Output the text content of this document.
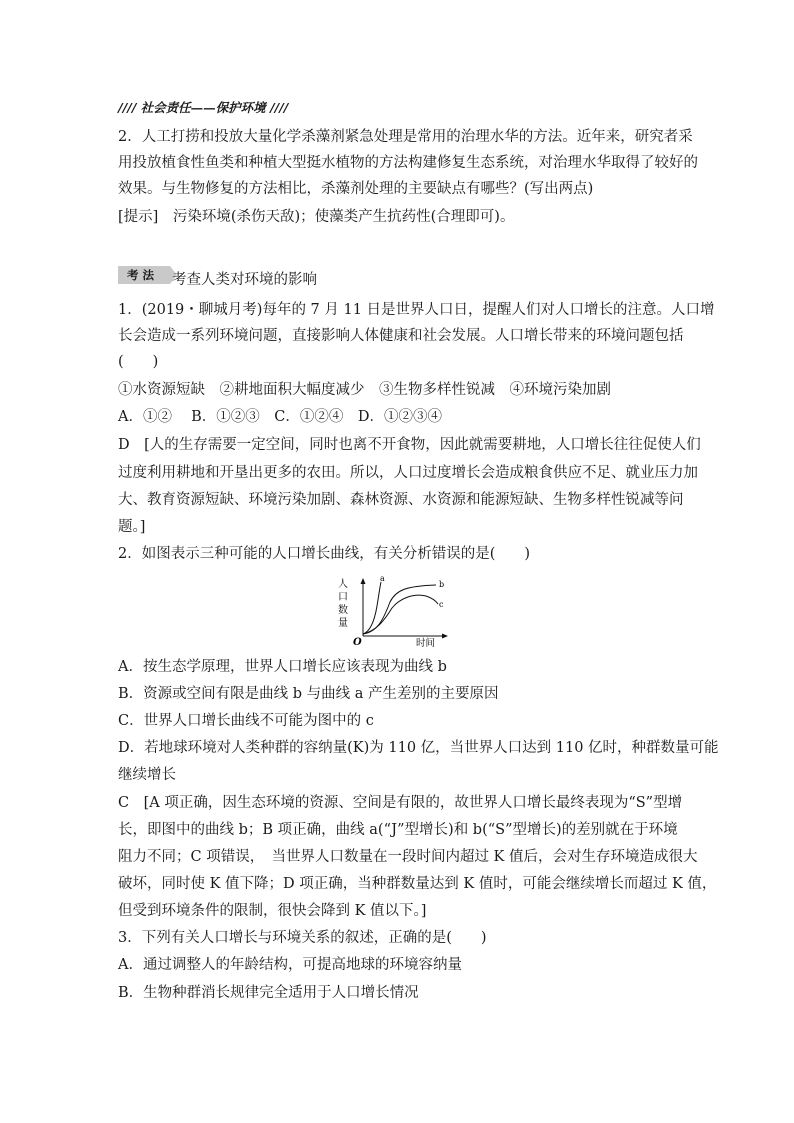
//// 社会责任——保护环境 ////
2．人工打捞和投放大量化学杀藻剂紧急处理是常用的治理水华的方法。近年来，研究者采
用投放植食性鱼类和种植大型挺水植物的方法构建修复生态系统，对治理水华取得了较好的
效果。与生物修复的方法相比，杀藻剂处理的主要缺点有哪些？(写出两点)
[提示]　污染环境(杀伤天敌)；使藻类产生抗药性(合理即可)。
考 法	考查人类对环境的影响
1．(2019・聊城月考)每年的 7 月 11 日是世界人口日，提醒人们对人口增长的注意。人口增
长会造成一系列环境问题，直接影响人体健康和社会发展。人口增长带来的环境问题包括
(　　)
①水资源短缺　②耕地面积大幅度减少　③生物多样性锐减　④环境污染加剧
A．①②　 B．①②③　C．①②④　D．①②③④
D　[人的生存需要一定空间，同时也离不开食物，因此就需要耕地，人口增长往往促使人们
过度利用耕地和开垦出更多的农田。所以，人口过度增长会造成粮食供应不足、就业压力加
大、教育资源短缺、环境污染加剧、森林资源、水资源和能源短缺、生物多样性锐减等问
题。]
2．如图表示三种可能的人口增长曲线，有关分析错误的是(　　)
人
口
数
量
O	时间
a
b
c
A．按生态学原理，世界人口增长应该表现为曲线 b
B．资源或空间有限是曲线 b 与曲线 a 产生差别的主要原因
C．世界人口增长曲线不可能为图中的 c
D．若地球环境对人类种群的容纳量(K)为 110 亿，当世界人口达到 110 亿时，种群数量可能
继续增长
C　[A 项正确，因生态环境的资源、空间是有限的，故世界人口增长最终表现为“S”型增
长，即图中的曲线 b；B 项正确，曲线 a(“J”型增长)和 b(“S”型增长)的差别就在于环境
阻力不同；C 项错误，　当世界人口数量在一段时间内超过 K 值后，会对生存环境造成很大
破坏，同时使 K 值下降；D 项正确，当种群数量达到 K 值时，可能会继续增长而超过 K 值，
但受到环境条件的限制，很快会降到 K 值以下。]
3．下列有关人口增长与环境关系的叙述，正确的是(　　)
A．通过调整人的年龄结构，可提高地球的环境容纳量
B．生物种群消长规律完全适用于人口增长情况
